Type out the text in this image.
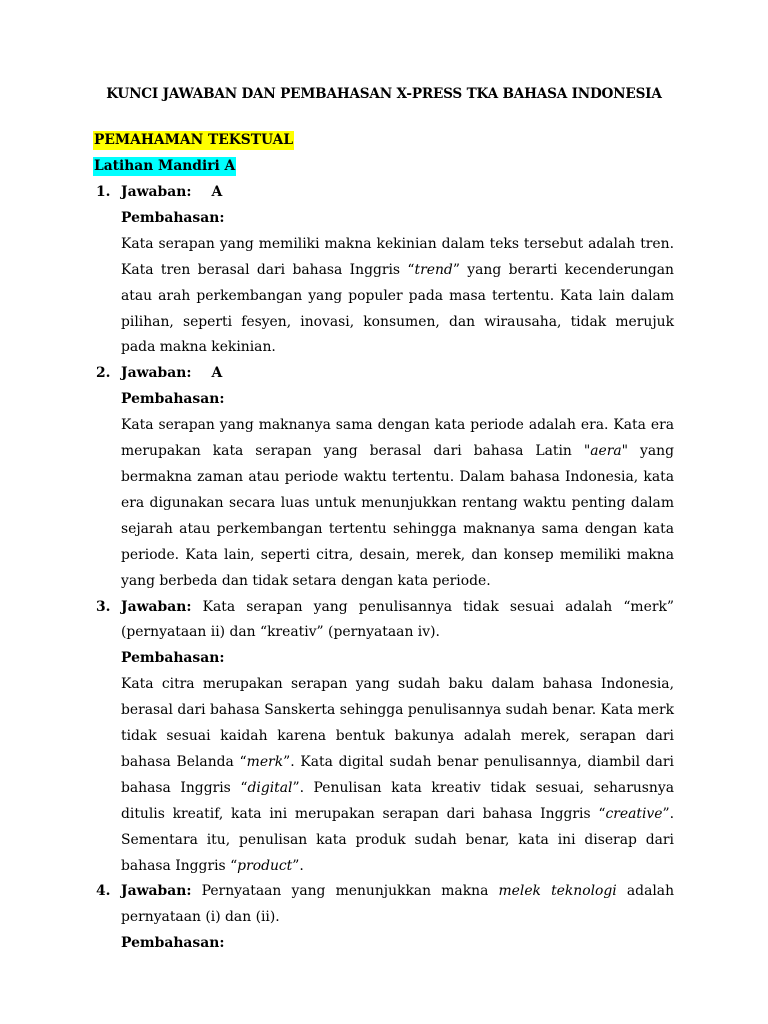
KUNCI JAWABAN DAN PEMBAHASAN X-PRESS TKA BAHASA INDONESIA
PEMAHAMAN TEKSTUAL
Latihan Mandiri A
1. Jawaban: A
Pembahasan:
Kata serapan yang memiliki makna kekinian dalam teks tersebut adalah tren. Kata tren berasal dari bahasa Inggris “trend” yang berarti kecenderungan atau arah perkembangan yang populer pada masa tertentu. Kata lain dalam pilihan, seperti fesyen, inovasi, konsumen, dan wirausaha, tidak merujuk pada makna kekinian.
2. Jawaban: A
Pembahasan:
Kata serapan yang maknanya sama dengan kata periode adalah era. Kata era merupakan kata serapan yang berasal dari bahasa Latin "aera" yang bermakna zaman atau periode waktu tertentu. Dalam bahasa Indonesia, kata era digunakan secara luas untuk menunjukkan rentang waktu penting dalam sejarah atau perkembangan tertentu sehingga maknanya sama dengan kata periode. Kata lain, seperti citra, desain, merek, dan konsep memiliki makna yang berbeda dan tidak setara dengan kata periode.
3. Jawaban: Kata serapan yang penulisannya tidak sesuai adalah “merk” (pernyataan ii) dan “kreativ” (pernyataan iv).
Pembahasan:
Kata citra merupakan serapan yang sudah baku dalam bahasa Indonesia, berasal dari bahasa Sanskerta sehingga penulisannya sudah benar. Kata merk tidak sesuai kaidah karena bentuk bakunya adalah merek, serapan dari bahasa Belanda “merk”. Kata digital sudah benar penulisannya, diambil dari bahasa Inggris “digital”. Penulisan kata kreativ tidak sesuai, seharusnya ditulis kreatif, kata ini merupakan serapan dari bahasa Inggris “creative”. Sementara itu, penulisan kata produk sudah benar, kata ini diserap dari bahasa Inggris “product”.
4. Jawaban: Pernyataan yang menunjukkan makna melek teknologi adalah pernyataan (i) dan (ii).
Pembahasan:
